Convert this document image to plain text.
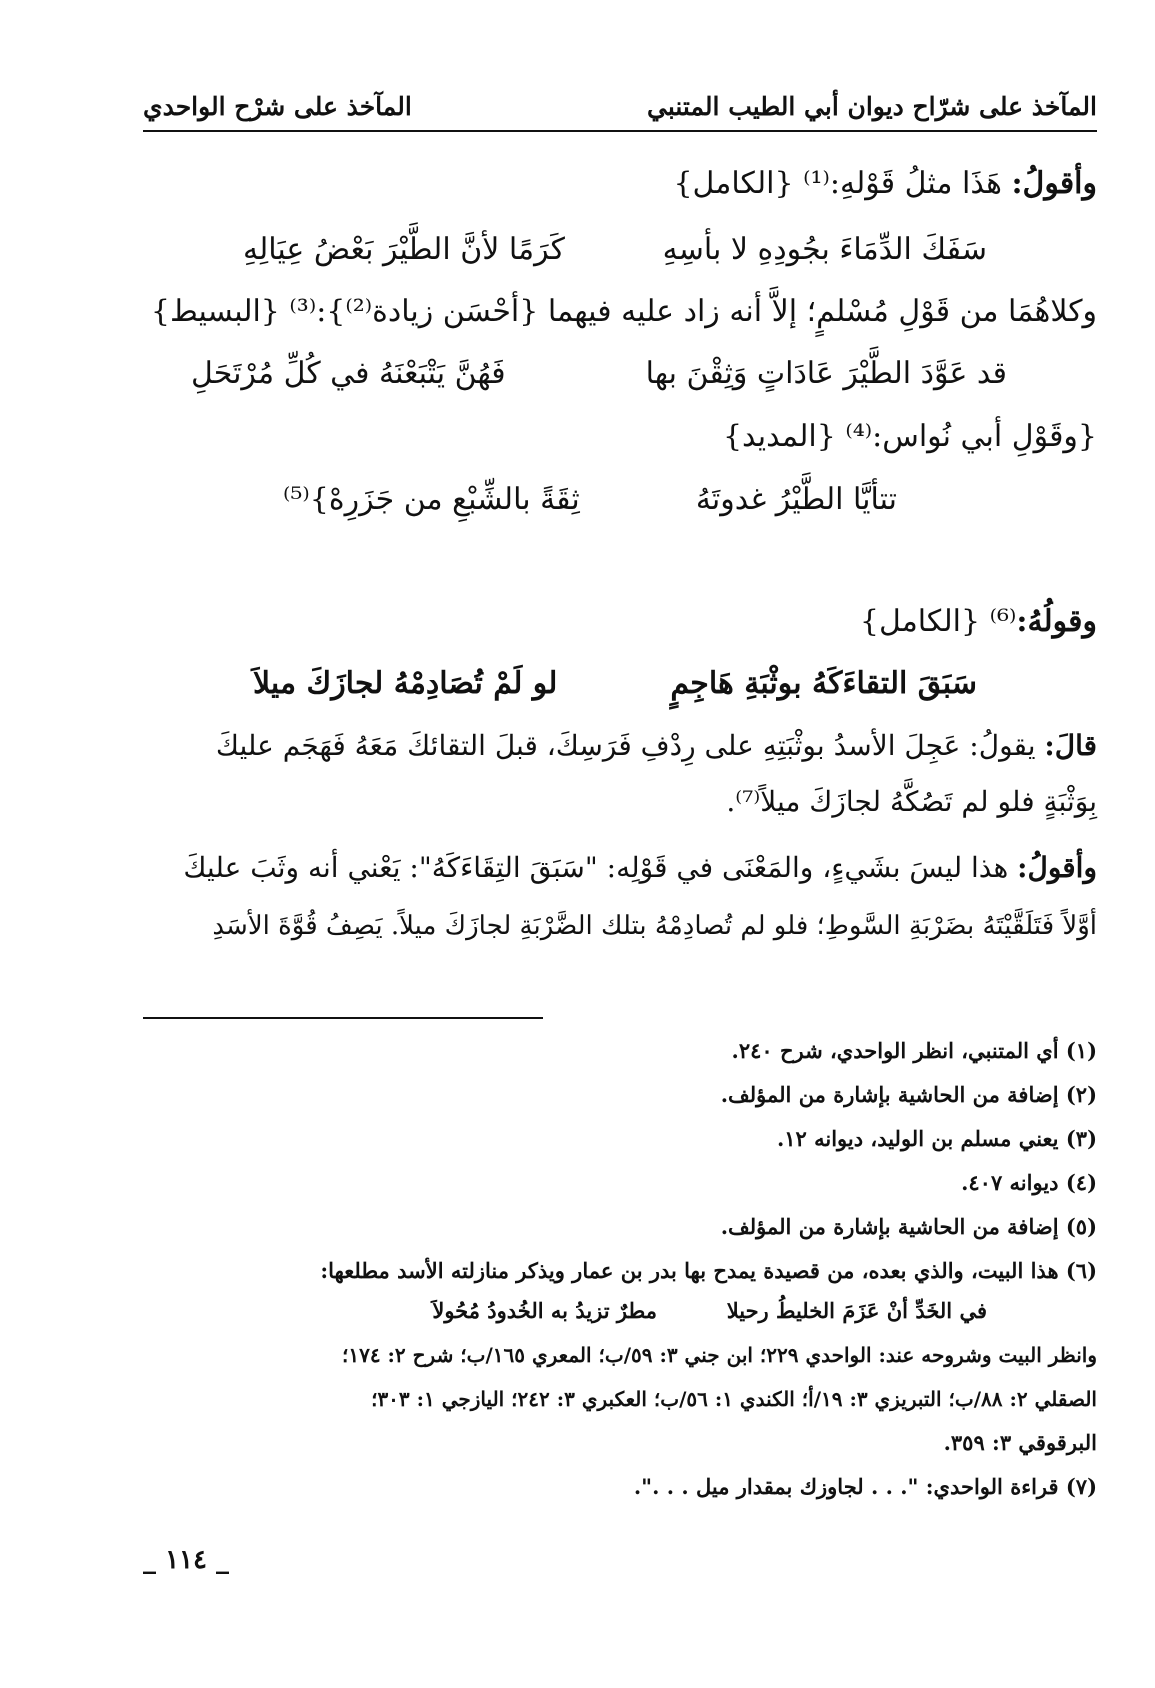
المآخذ على شرّاح ديوان أبي الطيب المتنبي
المآخذ على شرْح الواحدي
وأقولُ: هَذَا مثلُ قَوْلهِ:⁽¹⁾ {الكامل}
سَفَكَ الدِّمَاءَ بجُودِهِ لا بأسِهِ
كَرَمًا لأنَّ الطَّيْرَ بَعْضُ عِيَالِهِ
وكلاهُمَا من قَوْلِ مُسْلمٍ؛ إلاَّ أنه زاد عليه فيهما {أحْسَن زيادة⁽²⁾}:⁽³⁾ {البسيط}
قد عَوَّدَ الطَّيْرَ عَادَاتٍ وَثِقْنَ بها
فَهُنَّ يَتْبَعْنَهُ في كُلِّ مُرْتَحَلِ
{وقَوْلِ أبي نُواس:⁽⁴⁾ {المديد}
تتأيَّا الطَّيْرُ غدوتَهُ
ثِقَةً بالشِّبْعِ من جَزَرِهْ}⁽⁵⁾
وقولُهُ:⁽⁶⁾ {الكامل}
سَبَقَ التقاءَكَهُ بوثْبَةِ هَاجِمٍ
لو لَمْ تُصَادِمْهُ لجازَكَ ميلاَ
قالَ: يقولُ: عَجِلَ الأسدُ بوثْبَتِهِ على رِدْفِ فَرَسِكَ، قبلَ التقائكَ مَعَهُ فَهَجَم عليكَ
بِوَثْبَةٍ فلو لم تَصُكَّهُ لجازَكَ ميلاً⁽⁷⁾.
وأقولُ: هذا ليسَ بشَيءٍ، والمَعْنَى في قَوْلِه: "سَبَقَ التِقَاءَكَهُ": يَعْني أنه وثَبَ عليكَ
أوَّلاً فَتَلَقَّيْتَهُ بضَرْبَةِ السَّوطِ؛ فلو لم تُصادِمْهُ بتلك الضَّرْبَةِ لجازَكَ ميلاً. يَصِفُ قُوَّةَ الأسَدِ
(١) أي المتنبي، انظر الواحدي، شرح ٢٤٠.
(٢) إضافة من الحاشية بإشارة من المؤلف.
(٣) يعني مسلم بن الوليد، ديوانه ١٢.
(٤) ديوانه ٤٠٧.
(٥) إضافة من الحاشية بإشارة من المؤلف.
(٦) هذا البيت، والذي بعده، من قصيدة يمدح بها بدر بن عمار ويذكر منازلته الأسد مطلعها:
في الخَدِّ أنْ عَزَمَ الخليطُ رحيلا
مطرٌ تزيدُ به الخُدودُ مُحُولاَ
وانظر البيت وشروحه عند: الواحدي ٢٢٩؛ ابن جني ٣: ٥٩/ب؛ المعري ١٦٥/ب؛ شرح ٢: ١٧٤؛
الصقلي ٢: ٨٨/ب؛ التبريزي ٣: ١٩/أ؛ الكندي ١: ٥٦/ب؛ العكبري ٣: ٢٤٢؛ اليازجي ١: ٣٠٣؛
البرقوقي ٣: ٣٥٩.
(٧) قراءة الواحدي: ". . . لجاوزك بمقدار ميل . . .".
_ ١١٤ _
